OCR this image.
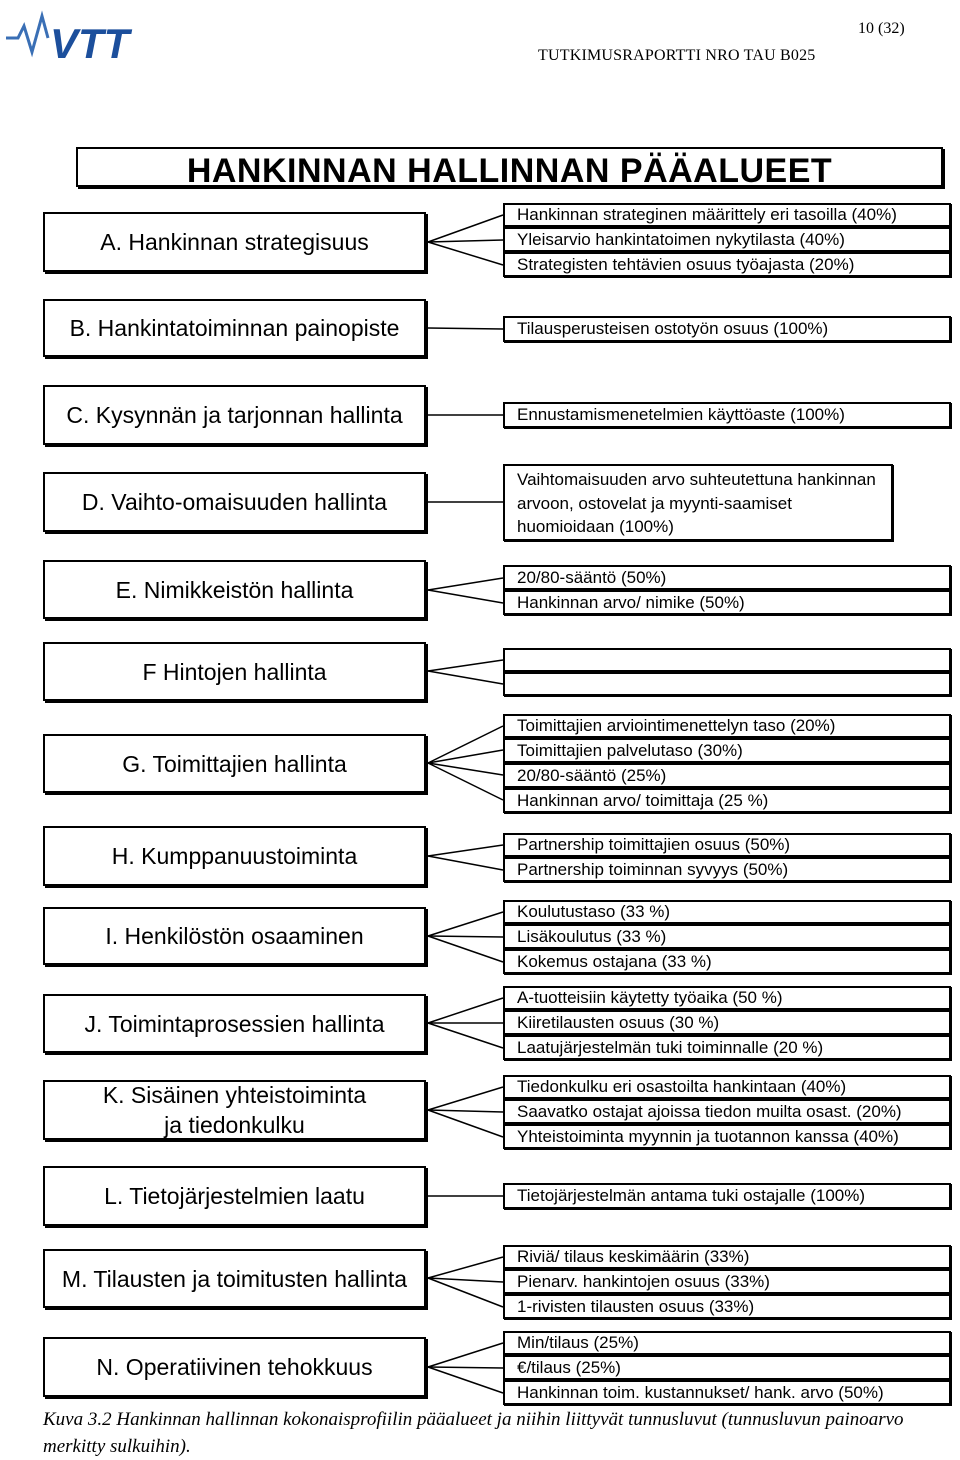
VTT	10 (32)
TUTKIMUSRAPORTTI NRO TAU B025
HANKINNAN HALLINNAN PÄÄALUEET
A. Hankinnan strategisuus
B. Hankintatoiminnan painopiste
C. Kysynnän ja tarjonnan hallinta
D. Vaihto-omaisuuden hallinta
E. Nimikkeistön hallinta
F Hintojen hallinta
G. Toimittajien hallinta
H. Kumppanuustoiminta
I. Henkilöstön osaaminen
J. Toimintaprosessien hallinta
K. Sisäinen yhteistoiminta
ja tiedonkulku
L. Tietojärjestelmien laatu
M. Tilausten ja toimitusten hallinta
N. Operatiivinen tehokkuus
Hankinnan strateginen määrittely eri tasoilla (40%)
Yleisarvio hankintatoimen nykytilasta (40%)
Strategisten tehtävien osuus työajasta (20%)
Tilausperusteisen ostotyön osuus (100%)
Ennustamismenetelmien käyttöaste (100%)
Vaihtomaisuuden arvo suhteutettuna hankinnan arvoon, ostovelat ja myynti-saamiset huomioidaan (100%)
20/80-sääntö (50%)
Hankinnan arvo/ nimike (50%)
Toimittajien arviointimenettelyn taso (20%)
Toimittajien palvelutaso (30%)
20/80-sääntö (25%)
Hankinnan arvo/ toimittaja (25 %)
Partnership toimittajien osuus (50%)
Partnership toiminnan syvyys (50%)
Koulutustaso (33 %)
Lisäkoulutus (33 %)
Kokemus ostajana (33 %)
A-tuotteisiin käytetty työaika (50 %)
Kiiretilausten osuus (30 %)
Laatujärjestelmän tuki toiminnalle (20 %)
Tiedonkulku eri osastoilta hankintaan (40%)
Saavatko ostajat ajoissa tiedon muilta osast. (20%)
Yhteistoiminta myynnin ja tuotannon kanssa (40%)
Tietojärjestelmän antama tuki ostajalle (100%)
Riviä/ tilaus keskimäärin (33%)
Pienarv. hankintojen osuus (33%)
1-rivisten tilausten osuus (33%)
Min/tilaus (25%)
€/tilaus (25%)
Hankinnan toim. kustannukset/ hank. arvo (50%)
Kuva 3.2 Hankinnan hallinnan kokonaisprofiilin pääalueet ja niihin liittyvät tunnusluvut (tunnusluvun painoarvo merkitty sulkuihin).
